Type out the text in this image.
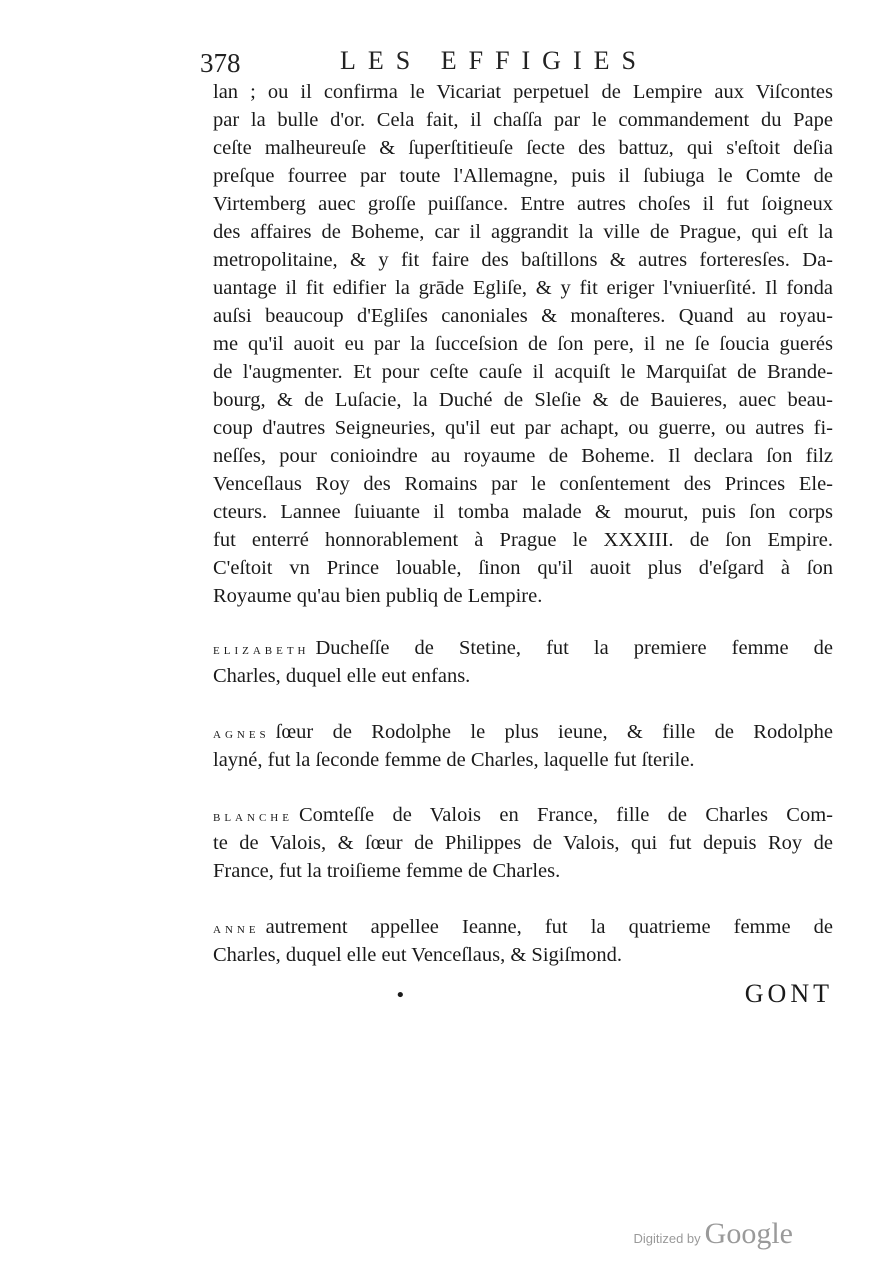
378	LES EFFIGIES
lan ; ou il confirma le Vicariat perpetuel de Lempire aux Viſcontes
par la bulle d'or. Cela fait, il chaſſa par le commandement du Pape
ceſte malheureuſe & ſuperſtitieuſe ſecte des battuz, qui s'eſtoit deſia
preſque fourree par toute l'Allemagne, puis il ſubiuga le Comte de
Virtemberg auec groſſe puiſſance. Entre autres choſes il fut ſoigneux
des affaires de Boheme, car il aggrandit la ville de Prague, qui eſt la
metropolitaine, & y fit faire des baſtillons & autres forteresſes. Da-
uantage il fit edifier la grāde Egliſe, & y fit eriger l'vniuerſité. Il fonda
auſsi beaucoup d'Egliſes canoniales & monaſteres. Quand au royau-
me qu'il auoit eu par la ſucceſsion de ſon pere, il ne ſe ſoucia guerés
de l'augmenter. Et pour ceſte cauſe il acquiſt le Marquiſat de Brande-
bourg, & de Luſacie, la Duché de Sleſie & de Bauieres, auec beau-
coup d'autres Seigneuries, qu'il eut par achapt, ou guerre, ou autres fi-
neſſes, pour conioindre au royaume de Boheme. Il declara ſon filz
Venceſlaus Roy des Romains par le conſentement des Princes Ele-
cteurs. Lannee ſuiuante il tomba malade & mourut, puis ſon corps
fut enterré honnorablement à Prague le XXXIII. de ſon Empire.
C'eſtoit vn Prince louable, ſinon qu'il auoit plus d'eſgard à ſon
Royaume qu'au bien publiq de Lempire.
ELIZABETH Ducheſſe de Stetine, fut la premiere femme de
Charles, duquel elle eut enfans.
AGNES ſœur de Rodolphe le plus ieune, & fille de Rodolphe
layné, fut la ſeconde femme de Charles, laquelle fut ſterile.
BLANCHE Comteſſe de Valois en France, fille de Charles Com-
te de Valois, & ſœur de Philippes de Valois, qui fut depuis Roy de
France, fut la troiſieme femme de Charles.
ANNE autrement appellee Ieanne, fut la quatrieme femme de
Charles, duquel elle eut Venceſlaus, & Sigiſmond.
•	GONT
Digitized by Google
